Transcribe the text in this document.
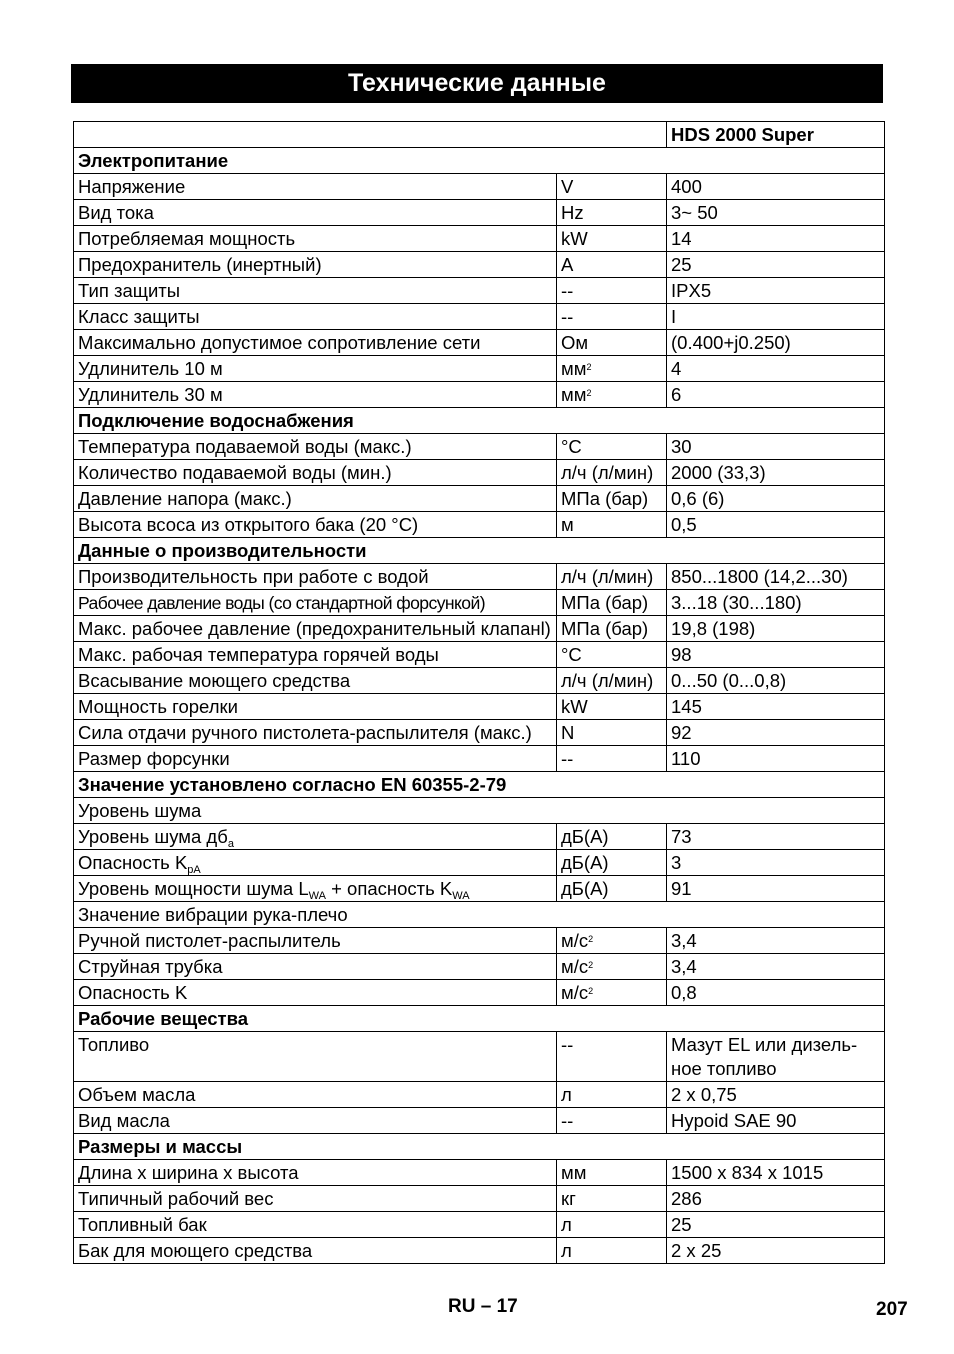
Технические данные
		HDS 2000 Super
Электропитание		
Напряжение	V	400
Вид тока	Hz	3~ 50
Потребляемая мощность	kW	14
Предохранитель (инертный)	A	25
Тип защиты	--	IPX5
Класс защиты	--	I
Максимально допустимое сопротивление сети	Ом	(0.400+j0.250)
Удлинитель 10 м	$мм^2$	4
Удлинитель 30 м	$мм^2$	6
Подключение водоснабжения		
Температура подаваемой воды (макс.)	°C	30
Количество подаваемой воды (мин.)	л/ч (л/мин)	2000 (33,3)
Давление напора (макс.)	МПа (бар)	0,6 (6)
Высота всоса из открытого бака (20 °C)	м	0,5
Данные о производительности		
Производительность при работе с водой	л/ч (л/мин)	850...1800 (14,2...30)
Рабочее давление воды (со стандартной форсункой)	МПа (бар)	3...18 (30...180)
Макс. рабочее давление (предохранительный клапанl)	МПа (бар)	19,8 (198)
Макс. рабочая температура горячей воды	°C	98
Всасывание моющего средства	л/ч (л/мин)	0...50 (0...0,8)
Мощность горелки	kW	145
Сила отдачи ручного пистолета-распылителя (макс.)	N	92
Размер форсунки	--	110
Значение установлено согласно EN 60355-2-79		
Уровень шума		
Уровень шума $дб_a$	дБ(А)	73
Опасность $K_{pA}$	дБ(А)	3
Уровень мощности шума $L_{WA}$ + опасность $K_{WA}$	дБ(А)	91
Значение вибрации рука-плечо		
Ручной пистолет-распылитель	$м/с^2$	3,4
Струйная трубка	$м/с^2$	3,4
Опасность K	$м/с^2$	0,8
Рабочие вещества		
Топливо	--	Мазут EL или дизель-ное топливо
Объем масла	л	2 x 0,75
Вид масла	--	Hypoid SAE 90
Размеры и массы		
Длина x ширина x высота	мм	1500 x 834 x 1015
Типичный рабочий вес	кг	286
Топливный бак	л	25
Бак для моющего средства	л	2 x 25
RU – 17	207
